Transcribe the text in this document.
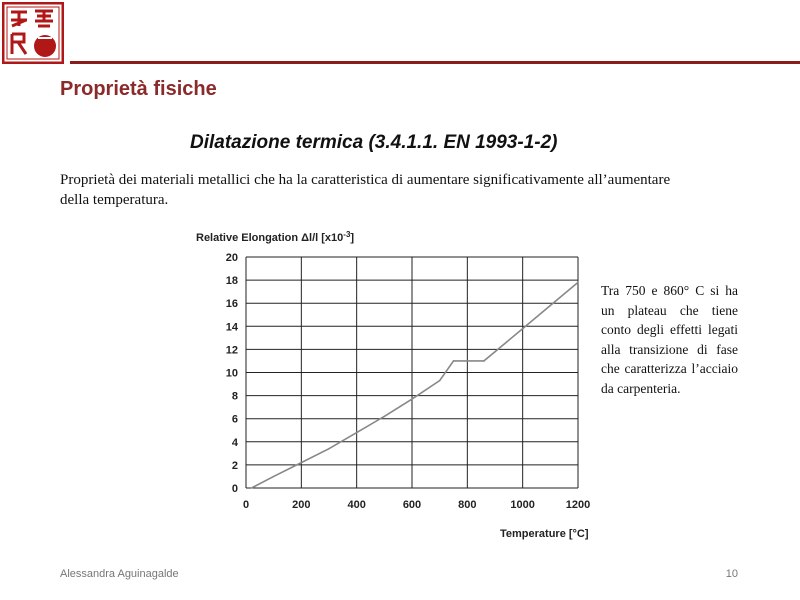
Proprietà fisiche
Dilatazione termica (3.4.1.1. EN 1993-1-2)

Proprietà dei materiali metallici che ha la caratteristica di aumentare significativamente all’aumentare della temperatura.

Relative Elongation Δl/l $[x10^{-3}]$
0
2
4
6
8
10
12
14
16
18
20
0	200	400	600	800	1000	1200
Temperature [°C]

Tra 750 e 860° C si ha un plateau che tiene conto degli effetti legati alla transizione di fase che caratterizza l’acciaio da carpenteria.

Alessandra Aguinagalde	10
